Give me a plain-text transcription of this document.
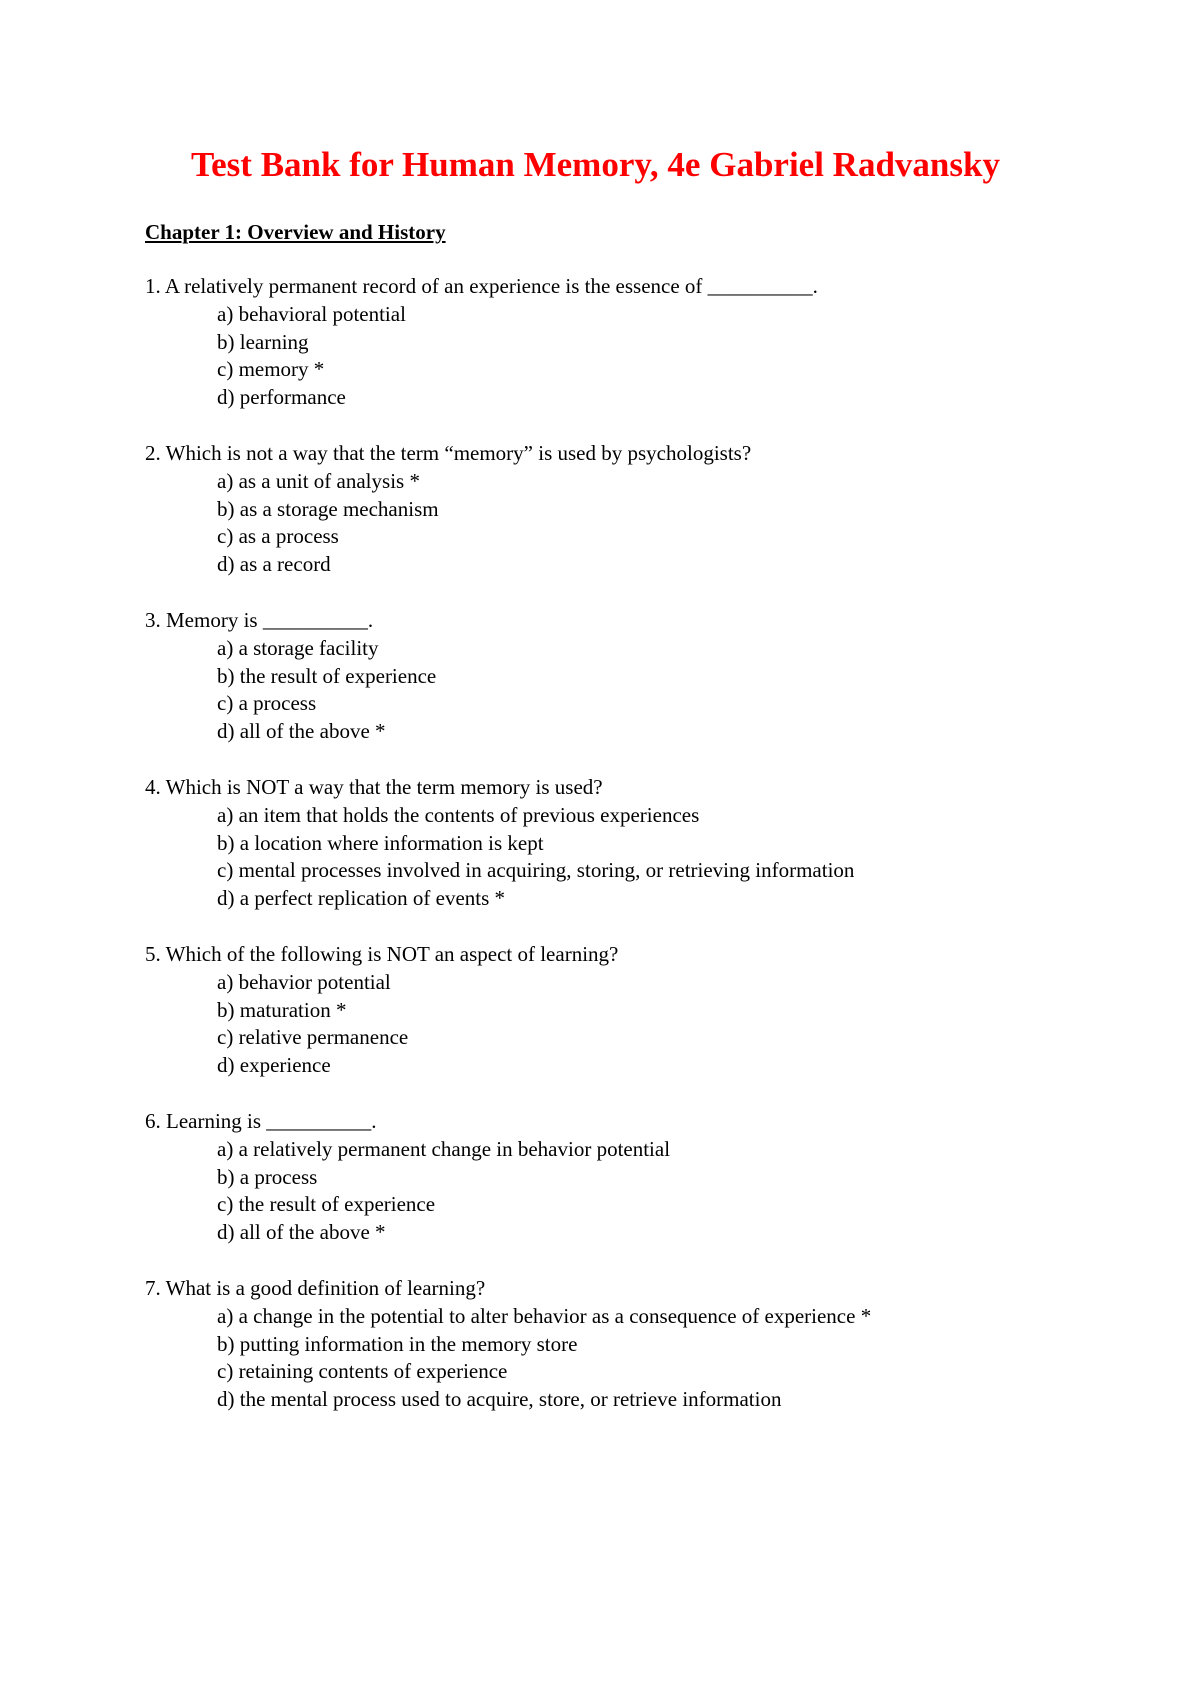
Test Bank for Human Memory, 4e Gabriel Radvansky
Chapter 1: Overview and History
1. A relatively permanent record of an experience is the essence of __________.
a) behavioral potential
b) learning
c) memory *
d) performance
2. Which is not a way that the term “memory” is used by psychologists?
a) as a unit of analysis *
b) as a storage mechanism
c) as a process
d) as a record
3. Memory is __________.
a) a storage facility
b) the result of experience
c) a process
d) all of the above *
4. Which is NOT a way that the term memory is used?
a) an item that holds the contents of previous experiences
b) a location where information is kept
c) mental processes involved in acquiring, storing, or retrieving information
d) a perfect replication of events *
5. Which of the following is NOT an aspect of learning?
a) behavior potential
b) maturation *
c) relative permanence
d) experience
6. Learning is __________.
a) a relatively permanent change in behavior potential
b) a process
c) the result of experience
d) all of the above *
7. What is a good definition of learning?
a) a change in the potential to alter behavior as a consequence of experience *
b) putting information in the memory store
c) retaining contents of experience
d) the mental process used to acquire, store, or retrieve information
